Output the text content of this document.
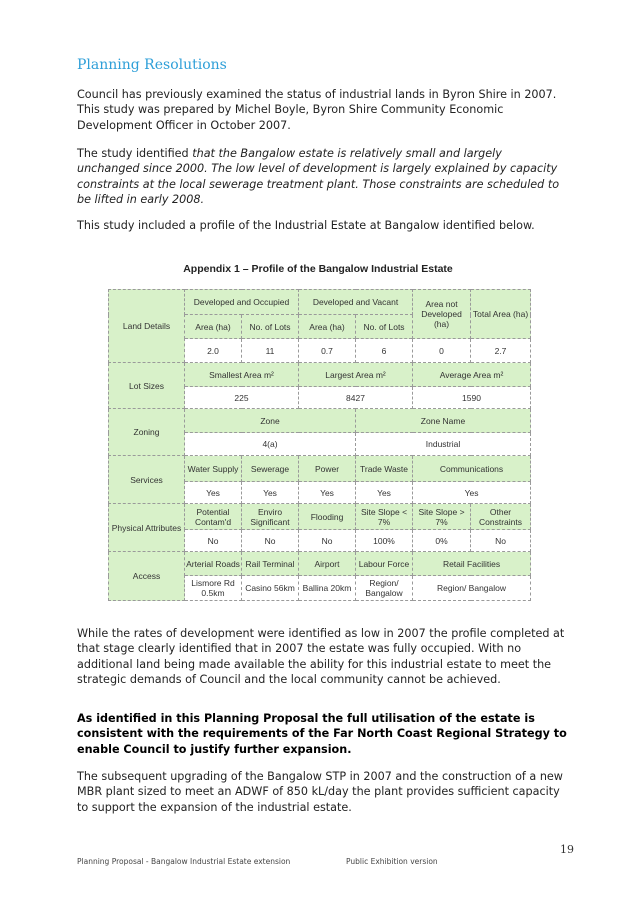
Planning Resolutions

Council has previously examined the status of industrial lands in Byron Shire in 2007. This study was prepared by Michel Boyle, Byron Shire Community Economic Development Officer in October 2007.

The study identified that the Bangalow estate is relatively small and largely unchanged since 2000. The low level of development is largely explained by capacity constraints at the local sewerage treatment plant. Those constraints are scheduled to be lifted in early 2008.

This study included a profile of the Industrial Estate at Bangalow identified below.

Appendix 1 – Profile of the Bangalow Industrial Estate

Land Details	Developed and Occupied		Developed and Vacant		Area not Developed (ha)	Total Area (ha)
	Area (ha)	No. of Lots	Area (ha)	No. of Lots		
	2.0	11	0.7	6	0	2.7
Lot Sizes	Smallest Area m²		Largest Area m²		Average Area m²	
	225		8427		1590	
Zoning	Zone			Zone Name		
	4(a)			Industrial		
Services	Water Supply	Sewerage	Power	Trade Waste	Communications	
	Yes	Yes	Yes	Yes	Yes	
Physical Attributes	Potential Contam'd	Enviro Significant	Flooding	Site Slope < 7%	Site Slope > 7%	Other Constraints
	No	No	No	100%	0%	No
Access	Arterial Roads	Rail Terminal	Airport	Labour Force	Retail Facilities	
	Lismore Rd 0.5km	Casino 56km	Ballina 20km	Region/ Bangalow	Region/ Bangalow	

While the rates of development were identified as low in 2007 the profile completed at that stage clearly identified that in 2007 the estate was fully occupied. With no additional land being made available the ability for this industrial estate to meet the strategic demands of Council and the local community cannot be achieved.

As identified in this Planning Proposal the full utilisation of the estate is consistent with the requirements of the Far North Coast Regional Strategy to enable Council to justify further expansion.

The subsequent upgrading of the Bangalow STP in 2007 and the construction of a new MBR plant sized to meet an ADWF of 850 kL/day the plant provides sufficient capacity to support the expansion of the industrial estate.

19
Planning Proposal - Bangalow Industrial Estate extension	Public Exhibition version
